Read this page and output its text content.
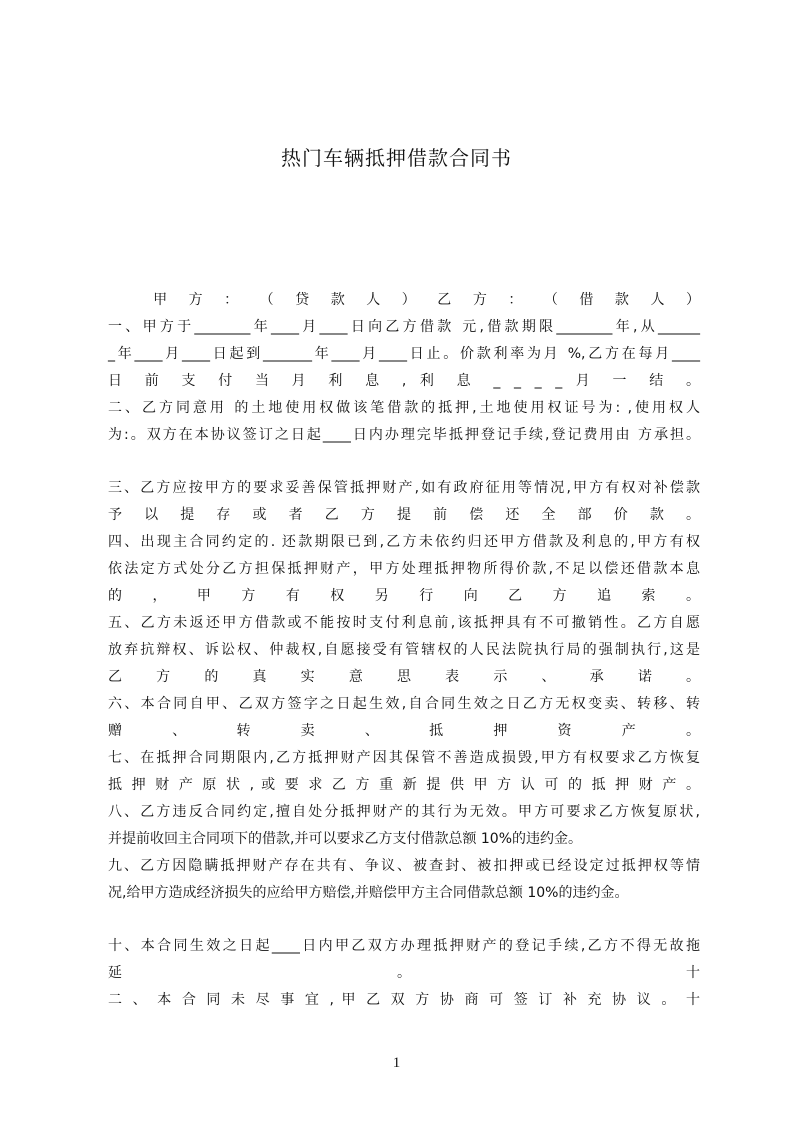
热门车辆抵押借款合同书
　　甲 方 ： （ 贷 款 人 ） 乙 方 ： （ 借 款 人 ）
一、甲方于________年____月____日向乙方借款 元,借款期限________年,从______
_年____月____日起到_______年____月____日止。价款利率为月 %,乙方在每月____
日 前 支 付 当 月 利 息 , 利 息 _ _ _ _ 月 一 结 。
二、乙方同意用 的土地使用权做该笔借款的抵押,土地使用权证号为: ,使用权人
为:。双方在本协议签订之日起____日内办理完毕抵押登记手续,登记费用由 方承担。
三、乙方应按甲方的要求妥善保管抵押财产,如有政府征用等情况,甲方有权对补偿款
予 以 提 存 或 者 乙 方 提 前 偿 还 全 部 价 款 。
四、出现主合同约定的. 还款期限已到,乙方未依约归还甲方借款及利息的,甲方有权
依法定方式处分乙方担保抵押财产，甲方处理抵押物所得价款,不足以偿还借款本息
的 ， 甲 方 有 权 另 行 向 乙 方 追 索 。
五、乙方未返还甲方借款或不能按时支付利息前,该抵押具有不可撤销性。乙方自愿
放弃抗辩权、诉讼权、仲裁权,自愿接受有管辖权的人民法院执行局的强制执行,这是
乙 方 的 真 实 意 思 表 示 、 承 诺 。
六、本合同自甲、乙双方签字之日起生效,自合同生效之日乙方无权变卖、转移、转
赠 、 转 卖 、 抵 押 资 产 。
七、在抵押合同期限内,乙方抵押财产因其保管不善造成损毁,甲方有权要求乙方恢复
抵 押 财 产 原 状 , 或 要 求 乙 方 重 新 提 供 甲 方 认 可 的 抵 押 财 产 。
八、乙方违反合同约定,擅自处分抵押财产的其行为无效。甲方可要求乙方恢复原状,
并提前收回主合同项下的借款,并可以要求乙方支付借款总额 10%的违约金。
九、乙方因隐瞒抵押财产存在共有、争议、被查封、被扣押或已经设定过抵押权等情
况,给甲方造成经济损失的应给甲方赔偿,并赔偿甲方主合同借款总额 10%的违约金。
十、本合同生效之日起____日内甲乙双方办理抵押财产的登记手续,乙方不得无故拖
延 。 十
二 、 本 合 同 未 尽 事 宜 , 甲 乙 双 方 协 商 可 签 订 补 充 协 议 。 十
1
